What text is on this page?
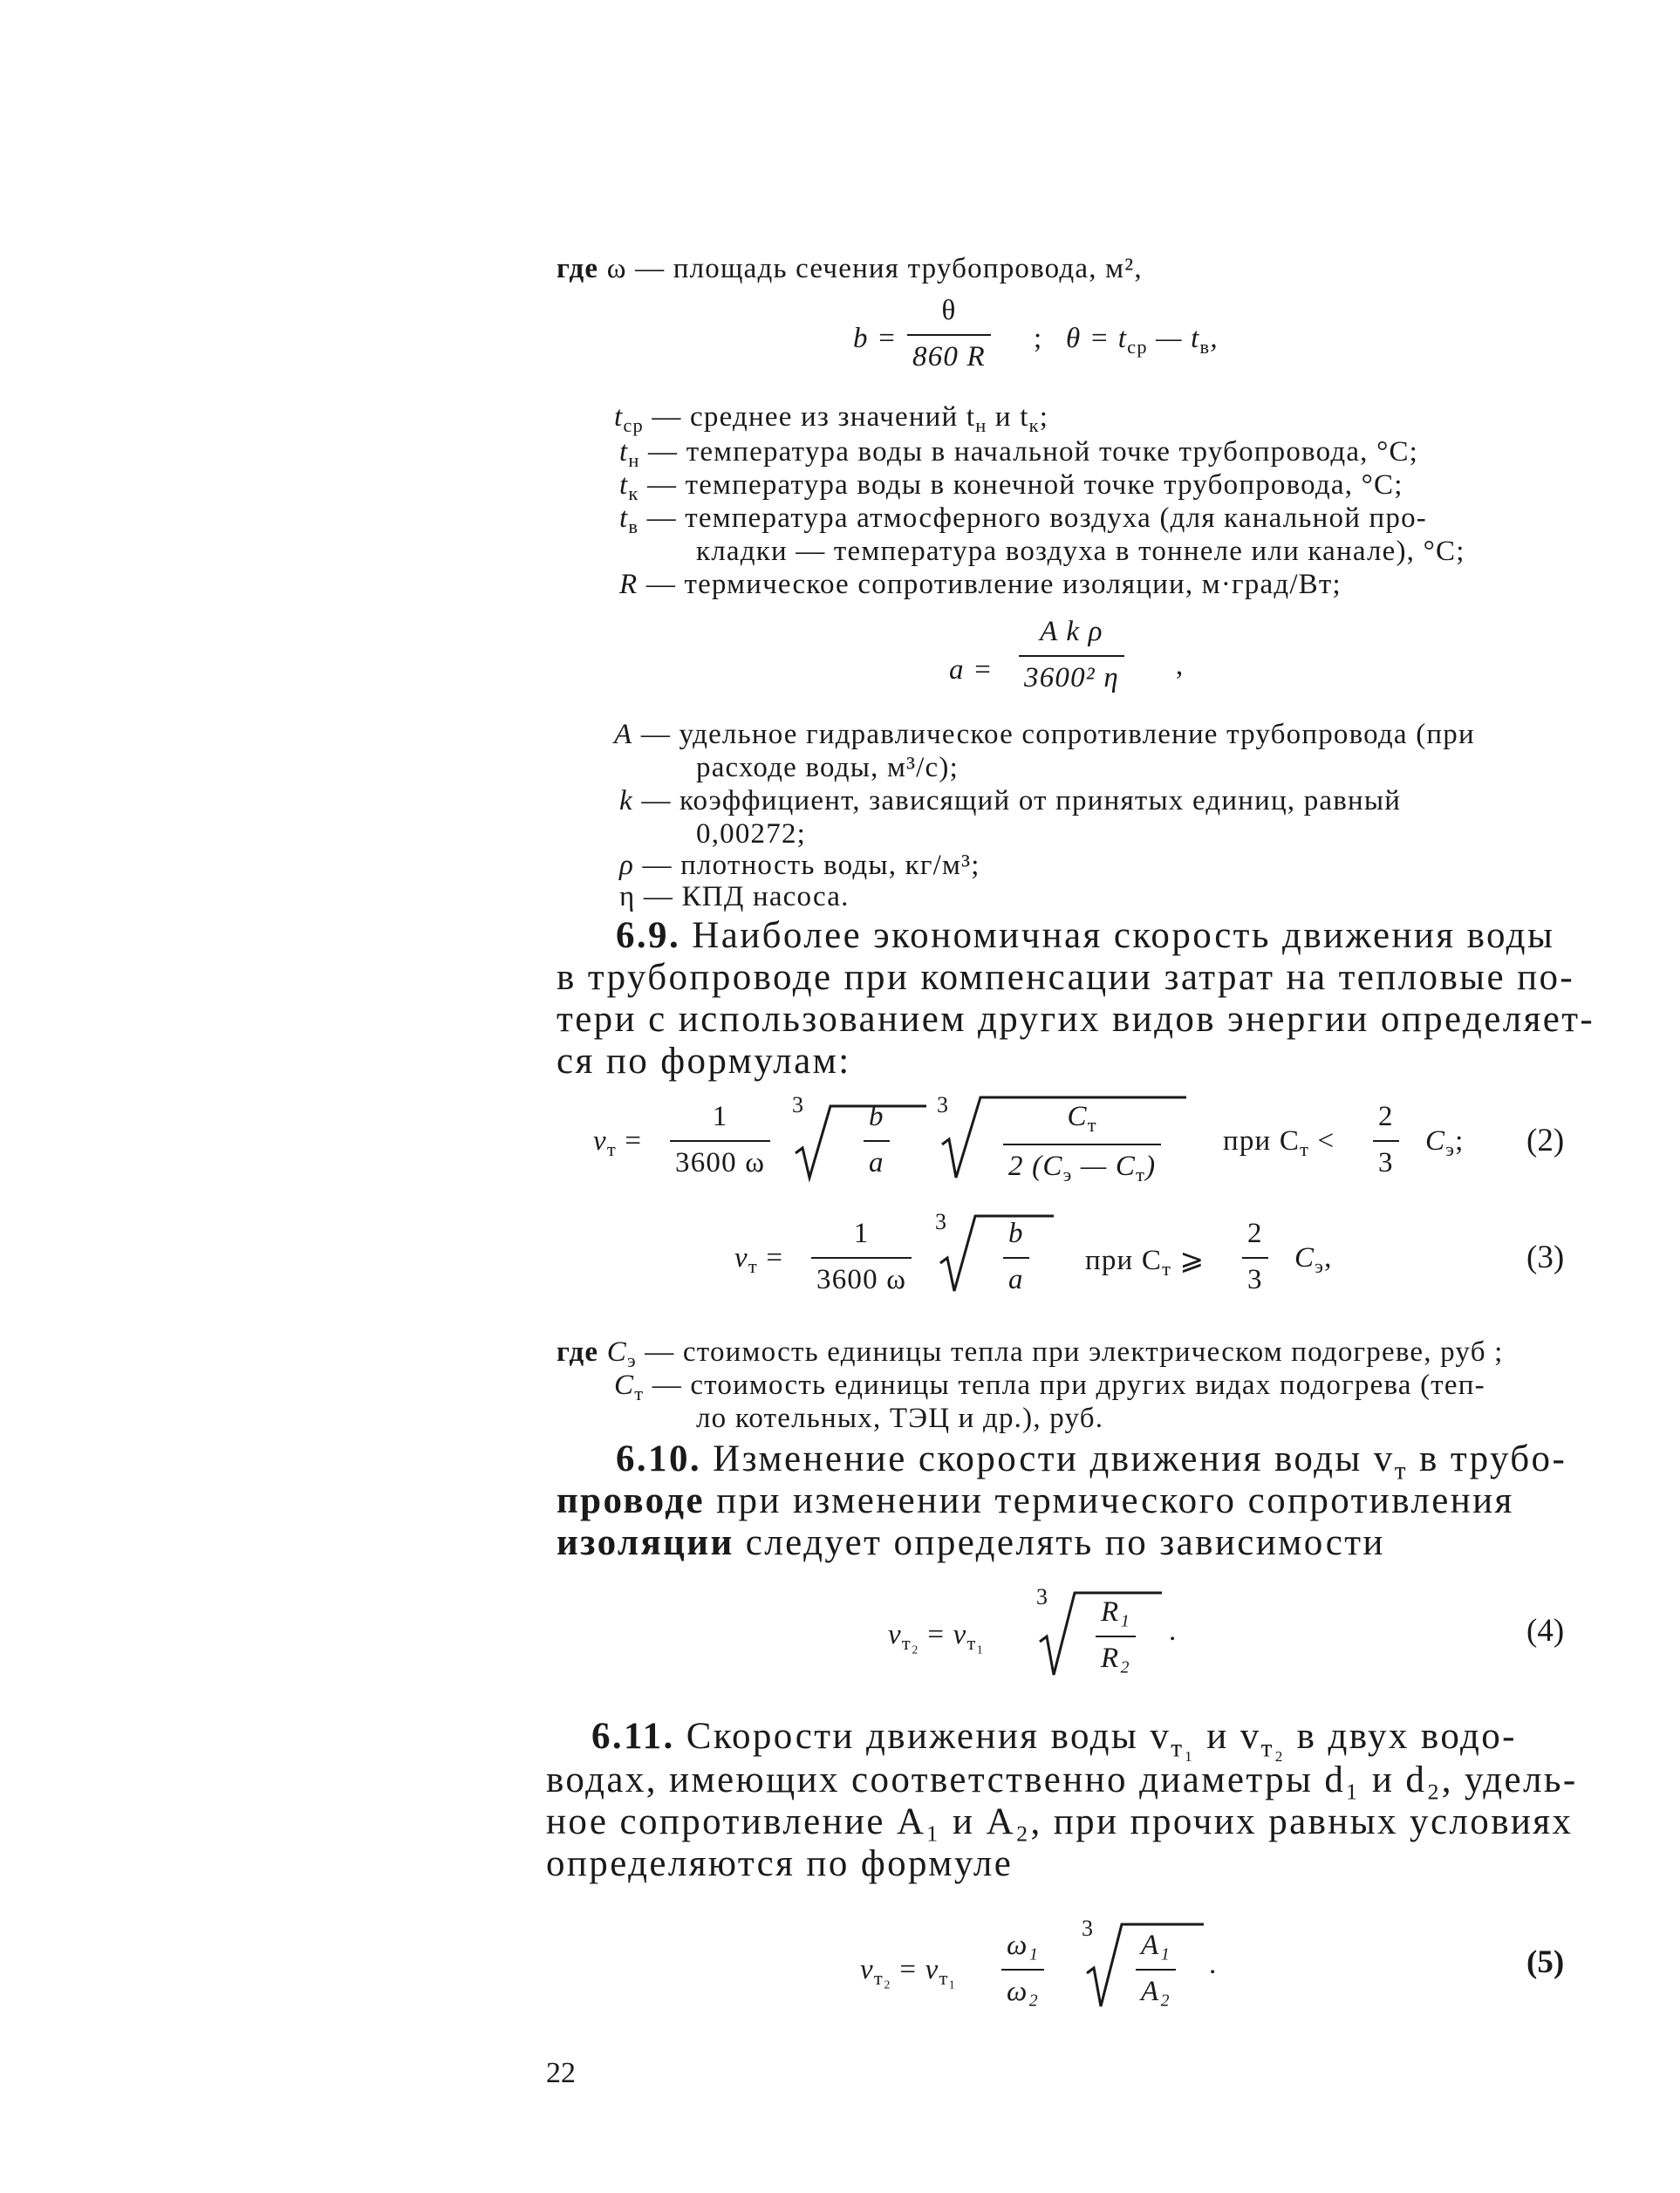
где ω — площадь сечения трубопровода, м²,
$b = \frac{\theta}{860 R}$ ; $\theta = t_{ср}$ — $t_в$,
$t_{ср}$ — среднее из значений $t_н$ и $t_к$;
$t_н$ — температура воды в начальной точке трубопровода, °С;
$t_к$ — температура воды в конечной точке трубопровода, °С;
$t_в$ — температура атмосферного воздуха (для канальной про-
кладки — температура воздуха в тоннеле или канале), °С;
R — термическое сопротивление изоляции, м·град/Вт;
$a = \frac{\text{A k ρ}}{\text{3600² η}}$ ,
A — удельное гидравлическое сопротивление трубопровода (при
расходе воды, м³/с);
k — коэффициент, зависящий от принятых единиц, равный
0,00272;
ρ — плотность воды, кг/м³;
η — КПД насоса.
6.9. Наиболее экономичная скорость движения воды
в трубопроводе при компенсации затрат на тепловые по-
тери с использованием других видов энергии определяет-
ся по формулам:
$v_т = \frac{1}{3600 \omega} 3 \frac{b}{a} 3$	$C_т$
2 ($C_э$ — $C_т$)
при $C_т < \frac{2}{3} C_э$; (2)
$v_т = \frac{1}{3600 \omega} 3 \frac{b}{a}$ при $C_т$ ⩾ $\frac{2}{3} C_э$,	(3)
где $C_э$ — стоимость единицы тепла при электрическом подогреве, руб ;
$C_т$ — стоимость единицы тепла при других видах подогрева (теп-
ло котельных, ТЭЦ и др.), руб.
6.10. Изменение скорости движения воды $v_т$ в трубо-
проводе при изменении термического сопротивления
изоляции следует определять по зависимости
$v_{т_2} = v_{т_1}$
$3 \frac{\text{R₁}}{\text{R₂}}$ .	(4)
6.11. Скорости движения воды $v_{т_1}$ и $v_{т_2}$ в двух водо-
водах, имеющих соответственно диаметры d₁ и d₂, удель-
ное сопротивление A₁ и A₂, при прочих равных условиях
определяются по формуле
$v_{т_2} = v_{т_1} \frac{\text{ω₁}}{\text{ω₂}}$
3
$\frac{\text{A₁}}{\text{A₂}}$ .	(5)
22
